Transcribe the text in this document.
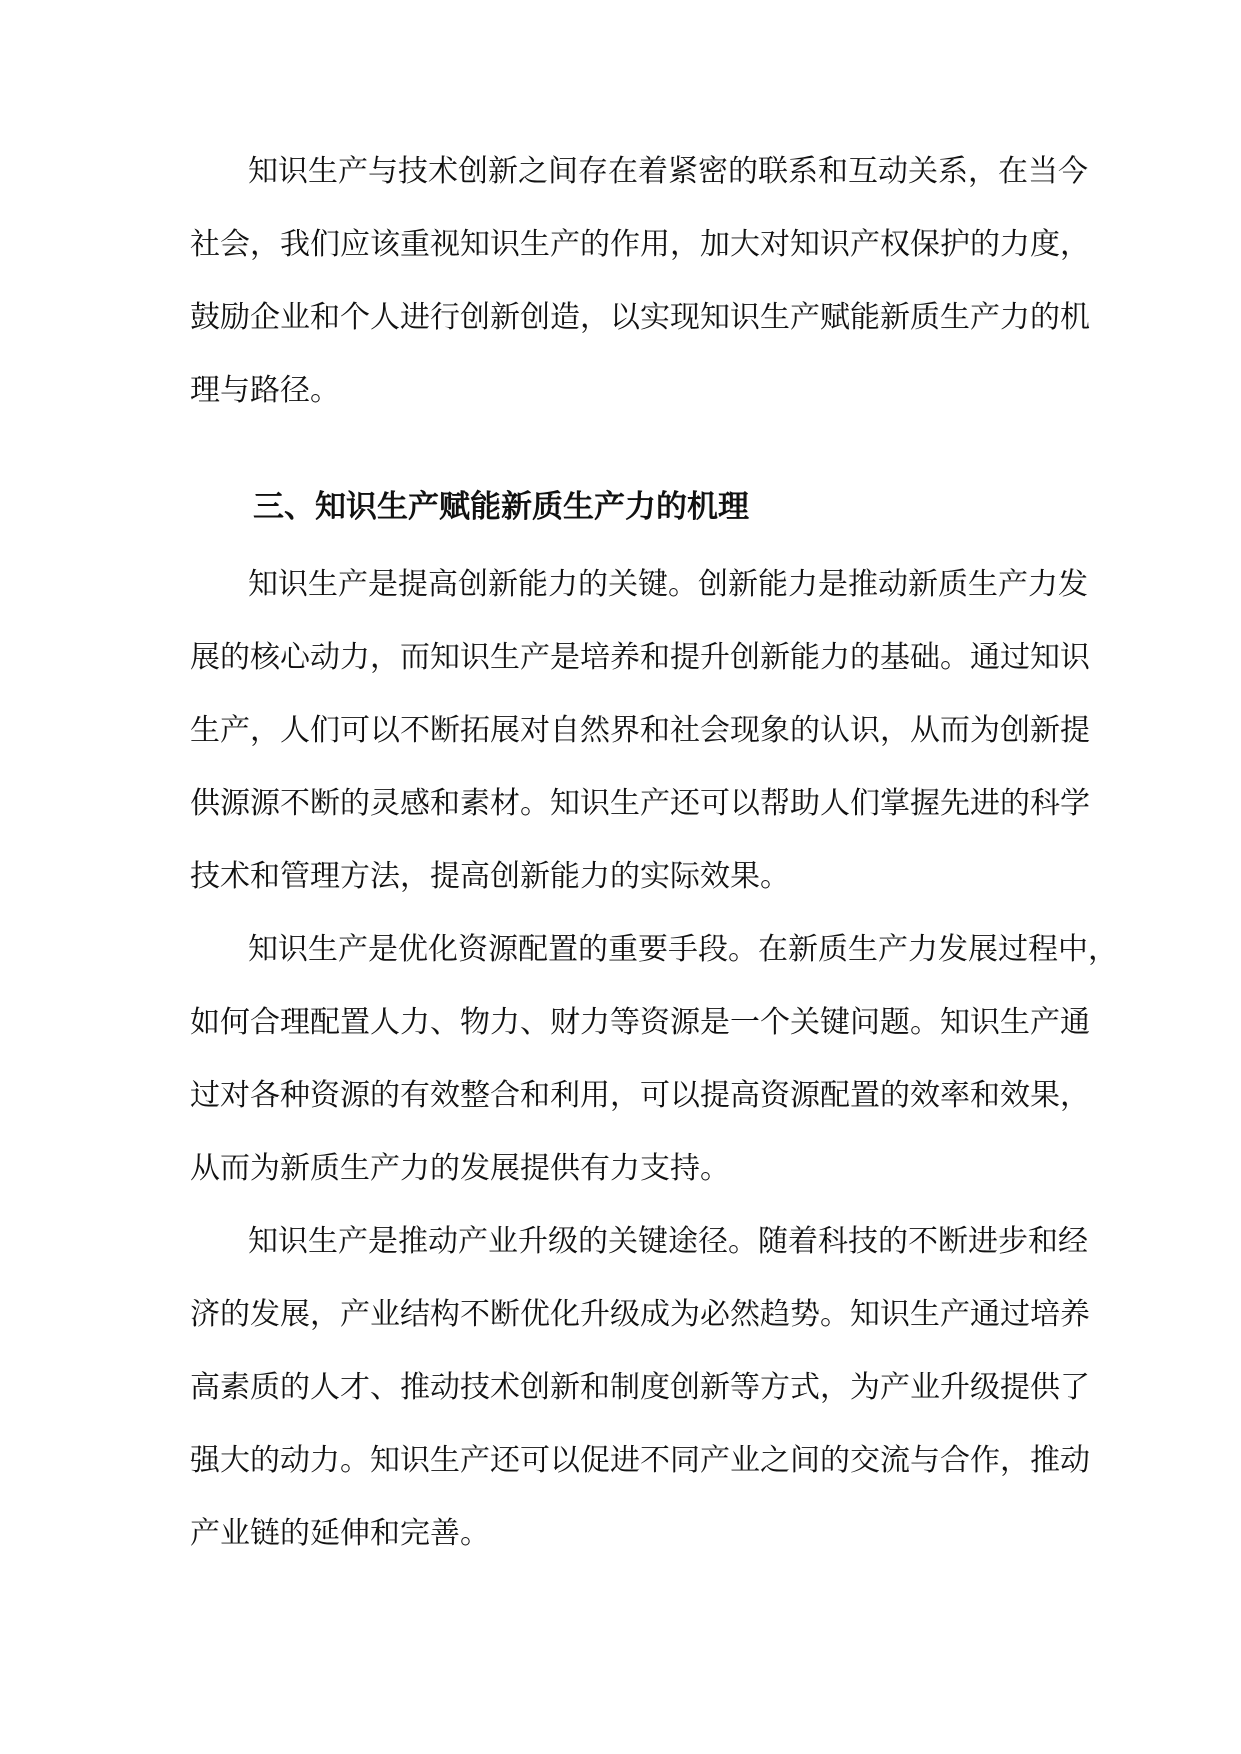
知识生产与技术创新之间存在着紧密的联系和互动关系，在当今
社会，我们应该重视知识生产的作用，加大对知识产权保护的力度，
鼓励企业和个人进行创新创造，以实现知识生产赋能新质生产力的机
理与路径。
三、知识生产赋能新质生产力的机理
知识生产是提高创新能力的关键。创新能力是推动新质生产力发
展的核心动力，而知识生产是培养和提升创新能力的基础。通过知识
生产，人们可以不断拓展对自然界和社会现象的认识，从而为创新提
供源源不断的灵感和素材。知识生产还可以帮助人们掌握先进的科学
技术和管理方法，提高创新能力的实际效果。
知识生产是优化资源配置的重要手段。在新质生产力发展过程中，
如何合理配置人力、物力、财力等资源是一个关键问题。知识生产通
过对各种资源的有效整合和利用，可以提高资源配置的效率和效果，
从而为新质生产力的发展提供有力支持。
知识生产是推动产业升级的关键途径。随着科技的不断进步和经
济的发展，产业结构不断优化升级成为必然趋势。知识生产通过培养
高素质的人才、推动技术创新和制度创新等方式，为产业升级提供了
强大的动力。知识生产还可以促进不同产业之间的交流与合作，推动
产业链的延伸和完善。
